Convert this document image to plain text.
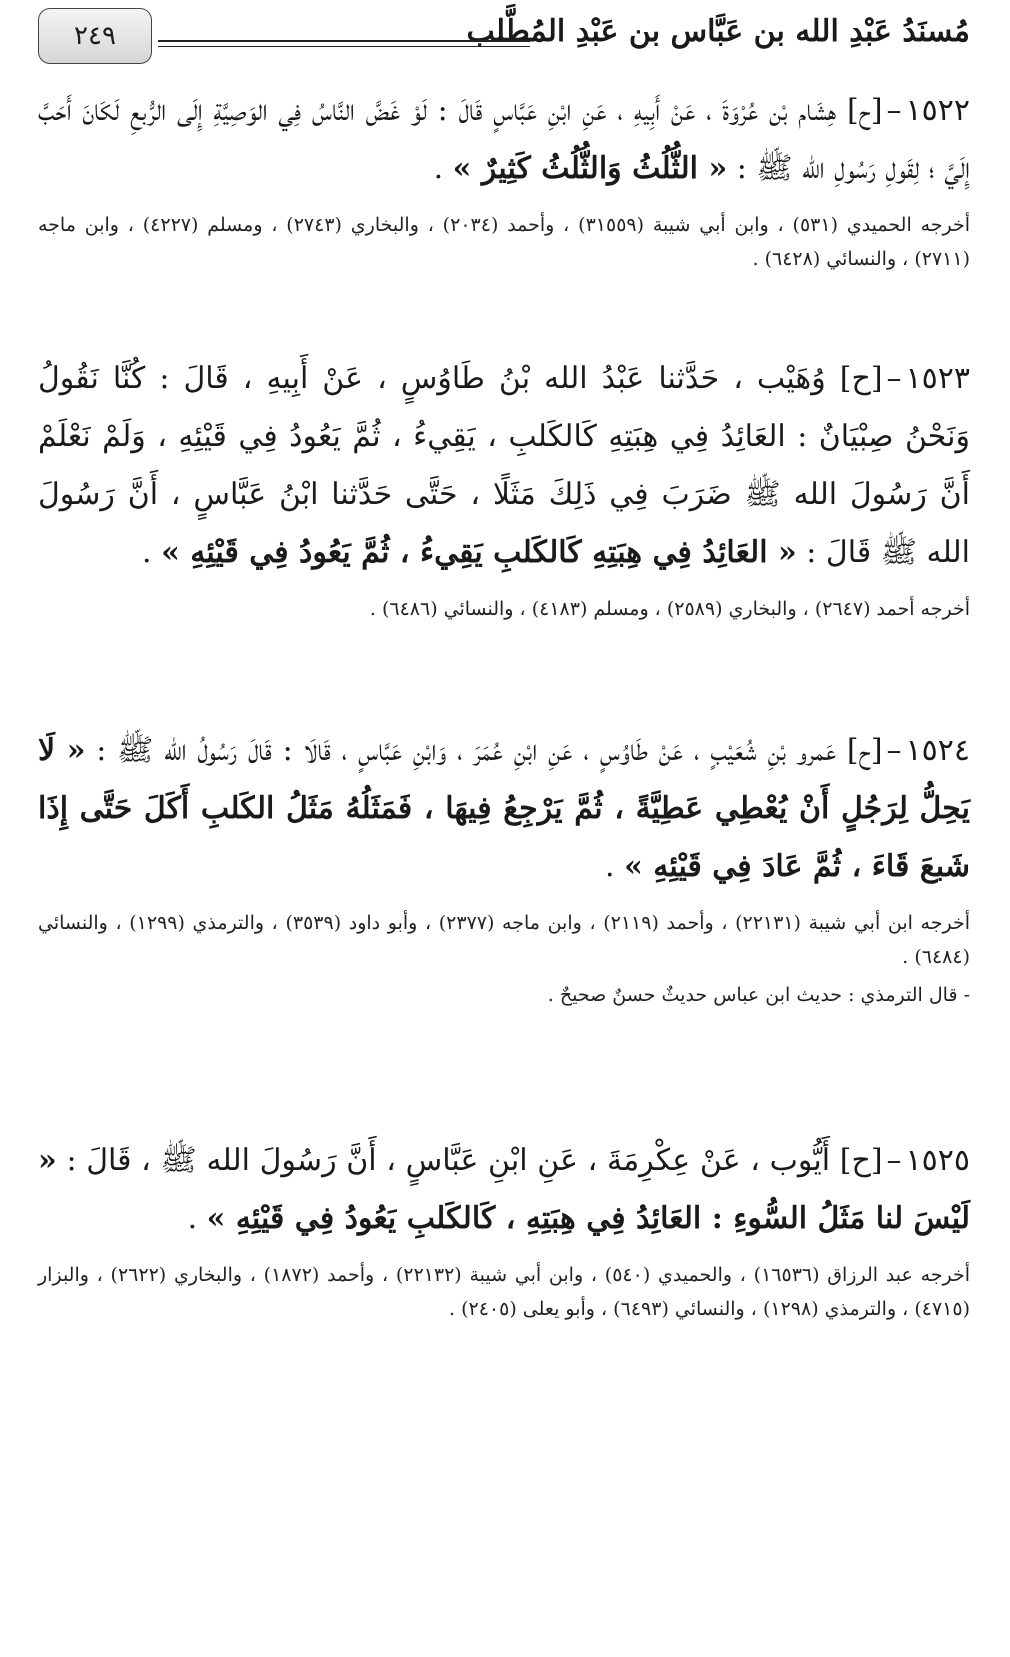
مُسنَدُ عَبْدِ الله بن عَبَّاس بن عَبْدِ المُطَّلب
٢٤٩

١٥٢٢–[ح] هِشَام بْن عُرْوَةَ ، عَنْ أَبِيهِ ، عَنِ ابْنِ عَبَّاسٍ قَالَ : لَوْ غَضَّ النَّاسُ فِي الوَصِيَّةِ إِلَى الرُّبعِ لَكَانَ أَحَبَّ إِلَيَّ ؛ لِقَولِ رَسُولِ الله ﷺ : « الثُّلُثُ وَالثُّلُثُ كَثِيرٌ » .

أخرجه الحميدي (٥٣١) ، وابن أبي شيبة (٣١٥٥٩) ، وأحمد (٢٠٣٤) ، والبخاري (٢٧٤٣) ، ومسلم (٤٢٢٧) ، وابن ماجه (٢٧١١) ، والنسائي (٦٤٢٨) .

١٥٢٣–[ح] وُهَيْب ، حَدَّثنا عَبْدُ الله بْنُ طَاوُسٍ ، عَنْ أَبِيهِ ، قَالَ : كُنَّا نَقُولُ وَنَحْنُ صِبْيَانٌ : العَائِدُ فِي هِبَتِهِ كَالكَلبِ ، يَقِيءُ ، ثُمَّ يَعُودُ فِي قَيْئِهِ ، وَلَمْ نَعْلَمْ أَنَّ رَسُولَ الله ﷺ ضَرَبَ فِي ذَلِكَ مَثَلًا ، حَتَّى حَدَّثنا ابْنُ عَبَّاسٍ ، أَنَّ رَسُولَ الله ﷺ قَالَ : « العَائِدُ فِي هِبَتِهِ كَالكَلبِ يَقِيءُ ، ثُمَّ يَعُودُ فِي قَيْئِهِ » .

أخرجه أحمد (٢٦٤٧) ، والبخاري (٢٥٨٩) ، ومسلم (٤١٨٣) ، والنسائي (٦٤٨٦) .

١٥٢٤–[ح] عَمرو بْنِ شُعَيْبٍ ، عَنْ طَاوُسٍ ، عَنِ ابْنِ عُمَرَ ، وَابْنِ عَبَّاسٍ ، قَالَا : قَالَ رَسُولُ الله ﷺ : « لَا يَحِلُّ لِرَجُلٍ أَنْ يُعْطِي عَطِيَّةً ، ثُمَّ يَرْجِعُ فِيهَا ، فَمَثَلُهُ مَثَلُ الكَلبِ أَكَلَ حَتَّى إِذَا شَبعَ قَاءَ ، ثُمَّ عَادَ فِي قَيْئِهِ » .

أخرجه ابن أبي شيبة (٢٢١٣١) ، وأحمد (٢١١٩) ، وابن ماجه (٢٣٧٧) ، وأبو داود (٣٥٣٩) ، والترمذي (١٢٩٩) ، والنسائي (٦٤٨٤) .

- قال الترمذي : حديث ابن عباس حديثٌ حسنٌ صحيحٌ .

١٥٢٥–[ح] أَيُّوب ، عَنْ عِكْرِمَةَ ، عَنِ ابْنِ عَبَّاسٍ ، أَنَّ رَسُولَ الله ﷺ ، قَالَ : « لَيْسَ لنا مَثَلُ السُّوءِ : العَائِدُ فِي هِبَتِهِ ، كَالكَلبِ يَعُودُ فِي قَيْئِهِ » .

أخرجه عبد الرزاق (١٦٥٣٦) ، والحميدي (٥٤٠) ، وابن أبي شيبة (٢٢١٣٢) ، وأحمد (١٨٧٢) ، والبخاري (٢٦٢٢) ، والبزار (٤٧١٥) ، والترمذي (١٢٩٨) ، والنسائي (٦٤٩٣) ، وأبو يعلى (٢٤٠٥) .
